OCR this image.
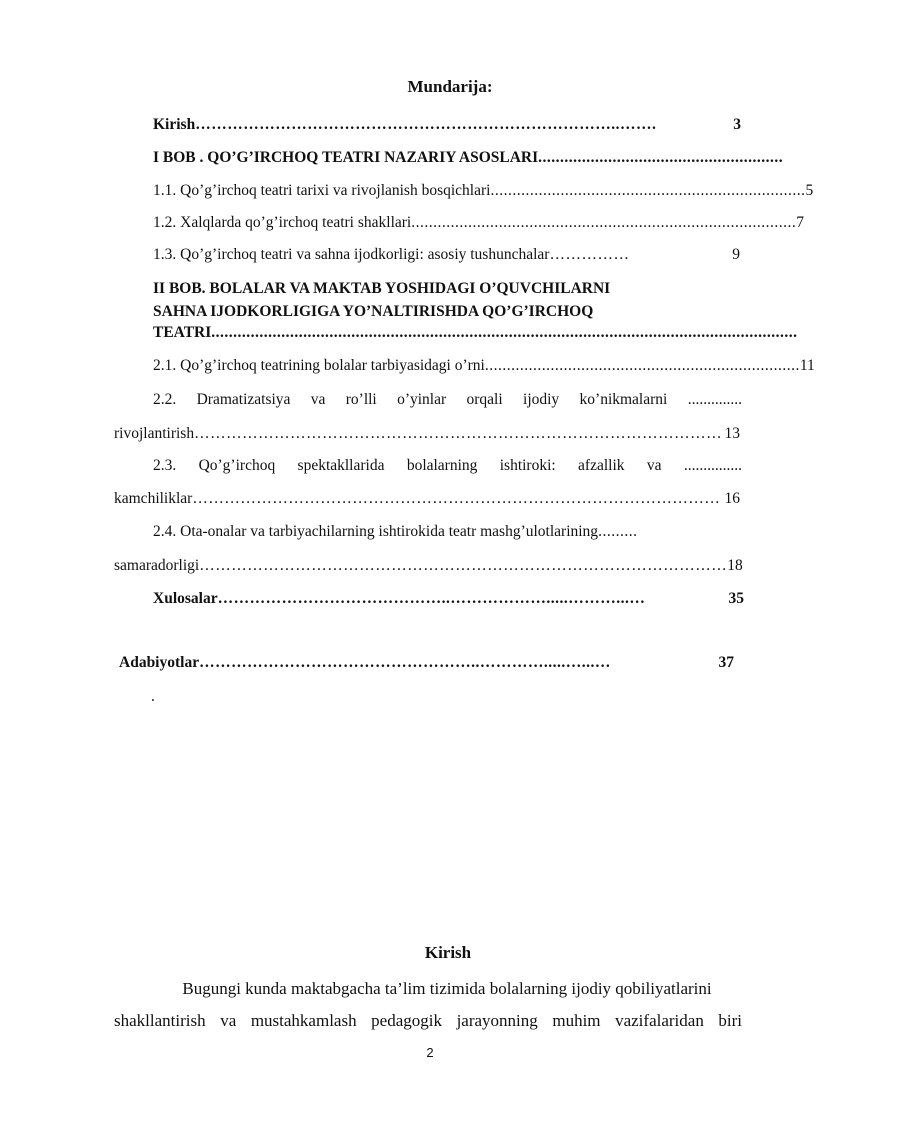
Mundarija:
Kirish ……………………………………………………………………..…….	3
I BOB . QO’G’IRCHOQ TEATRI NAZARIY ASOSLARI ........................................................
1.1. Qo’g’irchoq teatri tarixi va rivojlanish bosqichlari ........................................................................ 5
1.2. Xalqlarda qo’g’irchoq teatri shakllari ........................................................................................ 7
1.3. Qo’g’irchoq teatri va sahna ijodkorligi: asosiy tushunchalar ……………	9
II BOB. BOLALAR VA MAKTAB YOSHIDAGI O’QUVCHILARNI
SAHNA IJODKORLIGIGA YO’NALTIRISHDA QO’G’IRCHOQ
TEATRI ......................................................................................................................................
2.1. Qo’g’irchoq teatrining bolalar tarbiyasidagi o’rni ........................................................................ 11
2.2. Dramatizatsiya va ro’lli o’yinlar orqali ijodiy ko’nikmalarni ..............
rivojlantirish ……………………………………………………………………………………… 13
2.3. Qo’g’irchoq spektakllarida bolalarning ishtiroki: afzallik va ...............
kamchiliklar ……………………………………………………………………………………… 16
2.4. Ota-onalar va tarbiyachilarning ishtirokida teatr mashg’ulotlarining .........
samaradorligi ……………………………………………………………………………………… 18
Xulosalar ……………………………………..……………….....………...…	35
Adabiyotlar ……………………………………………..………….....…...…	37
.
Kirish
Bugungi kunda maktabgacha ta’lim tizimida bolalarning ijodiy qobiliyatlarini
shakllantirish va mustahkamlash pedagogik jarayonning muhim vazifalaridan biri
2
